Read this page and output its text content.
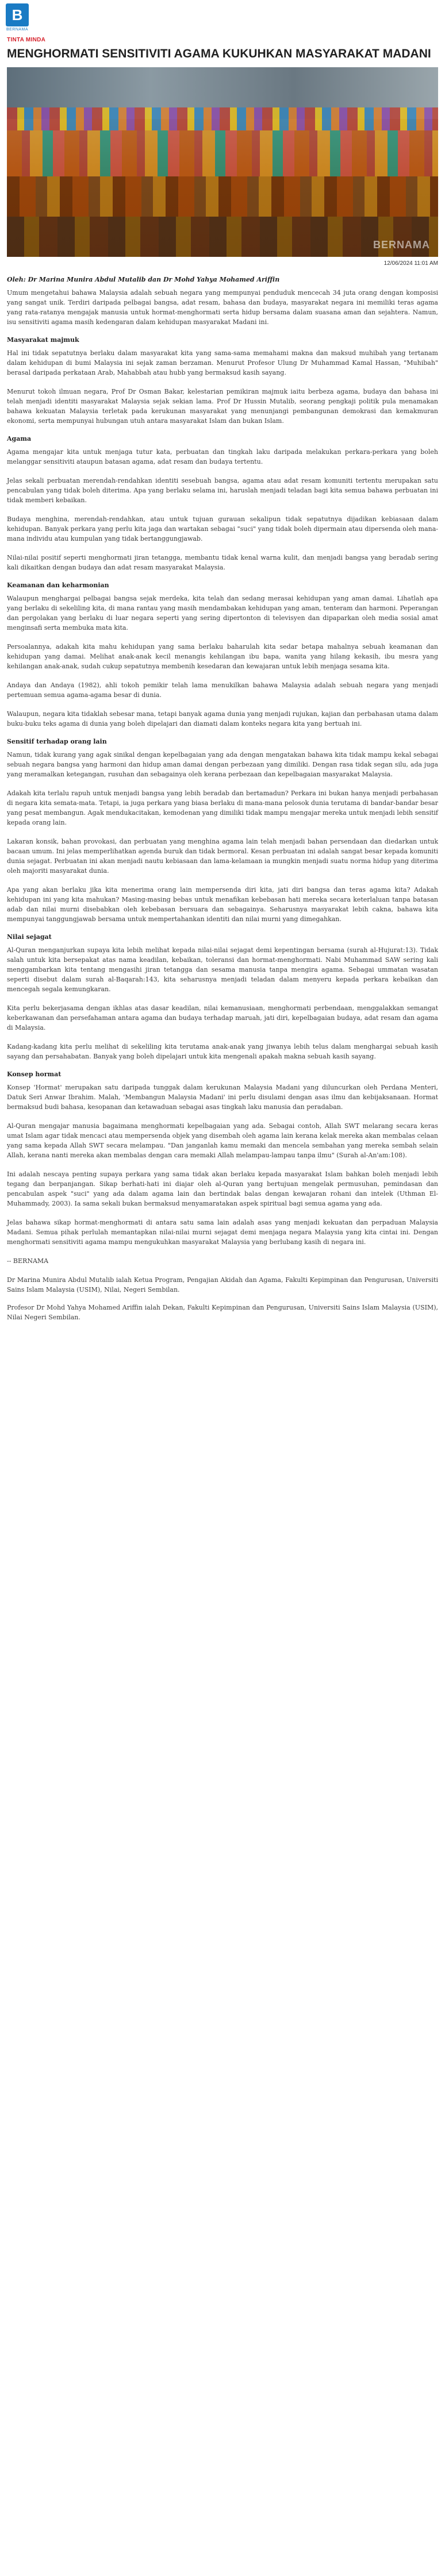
B
BERNAMA
TINTA MINDA
MENGHORMATI SENSITIVITI AGAMA KUKUHKAN MASYARAKAT MADANI
BERNAMA
12/06/2024 11:01 AM
Oleh: Dr Marina Munira Abdul Mutalib dan Dr Mohd Yahya Mohamed Ariffin

Umum mengetahui bahawa Malaysia adalah sebuah negara yang mempunyai penduduk mencecah 34 juta orang dengan komposisi yang sangat unik. Terdiri daripada pelbagai bangsa, adat resam, bahasa dan budaya, masyarakat negara ini memiliki teras agama yang rata-ratanya mengajak manusia untuk hormat-menghormati serta hidup bersama dalam suasana aman dan sejahtera. Namun, isu sensitiviti agama masih kedengaran dalam kehidupan masyarakat Madani ini.

Masyarakat majmuk

Hal ini tidak sepatutnya berlaku dalam masyarakat kita yang sama-sama memahami makna dan maksud muhibah yang tertanam dalam kehidupan di bumi Malaysia ini sejak zaman berzaman. Menurut Profesor Ulung Dr Muhammad Kamal Hassan, "Muhibah" berasal daripada perkataan Arab, Mahabbah atau hubb yang bermaksud kasih sayang.

Menurut tokoh ilmuan negara, Prof Dr Osman Bakar, kelestarian pemikiran majmuk iaitu berbeza agama, budaya dan bahasa ini telah menjadi identiti masyarakat Malaysia sejak sekian lama. Prof Dr Hussin Mutalib, seorang pengkaji politik pula menamakan bahawa kekuatan Malaysia terletak pada kerukunan masyarakat yang menunjangi pembangunan demokrasi dan kemakmuran ekonomi, serta mempunyai hubungan utuh antara masyarakat Islam dan bukan Islam.

Agama

Agama mengajar kita untuk menjaga tutur kata, perbuatan dan tingkah laku daripada melakukan perkara-perkara yang boleh melanggar sensitiviti ataupun batasan agama, adat resam dan budaya tertentu.

Jelas sekali perbuatan merendah-rendahkan identiti sesebuah bangsa, agama atau adat resam komuniti tertentu merupakan satu pencabulan yang tidak boleh diterima. Apa yang berlaku selama ini, haruslah menjadi teladan bagi kita semua bahawa perbuatan ini tidak memberi kebaikan.

Budaya menghina, merendah-rendahkan, atau untuk tujuan gurauan sekalipun tidak sepatutnya dijadikan kebiasaan dalam kehidupan. Banyak perkara yang perlu kita jaga dan wartakan sebagai "suci" yang tidak boleh dipermain atau dipersenda oleh mana-mana individu atau kumpulan yang tidak bertanggungjawab.

Nilai-nilai positif seperti menghormati jiran tetangga, membantu tidak kenal warna kulit, dan menjadi bangsa yang beradab sering kali dikaitkan dengan budaya dan adat resam masyarakat Malaysia.

Keamanan dan keharmonian

Walaupun menghargai pelbagai bangsa sejak merdeka, kita telah dan sedang merasai kehidupan yang aman damai. Lihatlah apa yang berlaku di sekeliling kita, di mana rantau yang masih mendambakan kehidupan yang aman, tenteram dan harmoni. Peperangan dan pergolakan yang berlaku di luar negara seperti yang sering dipertonton di televisyen dan dipaparkan oleh media sosial amat menginsafi serta membuka mata kita.

Persoalannya, adakah kita mahu kehidupan yang sama berlaku baharulah kita sedar betapa mahalnya sebuah keamanan dan kehidupan yang damai. Melihat anak-anak kecil menangis kehilangan ibu bapa, wanita yang hilang kekasih, ibu mesra yang kehilangan anak-anak, sudah cukup sepatutnya membenih kesedaran dan kewajaran untuk lebih menjaga sesama kita.

Andaya dan Andaya (1982), ahli tokoh pemikir telah lama menukilkan bahawa Malaysia adalah sebuah negara yang menjadi pertemuan semua agama-agama besar di dunia.

Walaupun, negara kita tidaklah sebesar mana, tetapi banyak agama dunia yang menjadi rujukan, kajian dan perbahasan utama dalam buku-buku teks agama di dunia yang boleh dipelajari dan diamati dalam konteks negara kita yang bertuah ini.

Sensitif terhadap orang lain

Namun, tidak kurang yang agak sinikal dengan kepelbagaian yang ada dengan mengatakan bahawa kita tidak mampu kekal sebagai sebuah negara bangsa yang harmoni dan hidup aman damai dengan perbezaan yang dimiliki. Dengan rasa tidak segan silu, ada juga yang meramalkan ketegangan, rusuhan dan sebagainya oleh kerana perbezaan dan kepelbagaian masyarakat Malaysia.

Adakah kita terlalu rapuh untuk menjadi bangsa yang lebih beradab dan bertamadun? Perkara ini bukan hanya menjadi perbahasan di negara kita semata-mata. Tetapi, ia juga perkara yang biasa berlaku di mana-mana pelosok dunia terutama di bandar-bandar besar yang pesat membangun. Agak mendukacitakan, kemodenan yang dimiliki tidak mampu mengajar mereka untuk menjadi lebih sensitif kepada orang lain.

Lakaran konsik, bahan provokasi, dan perbuatan yang menghina agama lain telah menjadi bahan persendaan dan diedarkan untuk bacaan umum. Ini jelas memperlihatkan agenda buruk dan tidak bermoral. Kesan perbuatan ini adalah sangat besar kepada komuniti dunia sejagat. Perbuatan ini akan menjadi nautu kebiasaan dan lama-kelamaan ia mungkin menjadi suatu norma hidup yang diterima oleh majoriti masyarakat dunia.

Apa yang akan berlaku jika kita menerima orang lain mempersenda diri kita, jati diri bangsa dan teras agama kita? Adakah kehidupan ini yang kita mahukan? Masing-masing bebas untuk menafikan kebebasan hati mereka secara keterlaluan tanpa batasan adab dan nilai murni disebabkan oleh kebebasan bersuara dan sebagainya. Seharusnya masyarakat lebih cakna, bahawa kita mempunyai tanggungjawab bersama untuk mempertahankan identiti dan nilai murni yang dimegahkan.

Nilai sejagat

Al-Quran menganjurkan supaya kita lebih melihat kepada nilai-nilai sejagat demi kepentingan bersama (surah al-Hujurat:13). Tidak salah untuk kita bersepakat atas nama keadilan, kebaikan, toleransi dan hormat-menghormati. Nabi Muhammad SAW sering kali menggambarkan kita tentang mengasihi jiran tetangga dan sesama manusia tanpa mengira agama. Sebagai ummatan wasatan seperti disebut dalam surah al-Baqarah:143, kita seharusnya menjadi teladan dalam menyeru kepada perkara kebaikan dan mencegah segala kemungkaran.

Kita perlu bekerjasama dengan ikhlas atas dasar keadilan, nilai kemanusiaan, menghormati perbendaan, menggalakkan semangat keberkawanan dan persefahaman antara agama dan budaya terhadap maruah, jati diri, kepelbagaian budaya, adat resam dan agama di Malaysia.

Kadang-kadang kita perlu melihat di sekeliling kita terutama anak-anak yang jiwanya lebih telus dalam menghargai sebuah kasih sayang dan persahabatan. Banyak yang boleh dipelajari untuk kita mengenali apakah makna sebuah kasih sayang.

Konsep hormat

Konsep 'Hormat' merupakan satu daripada tunggak dalam kerukunan Malaysia Madani yang diluncurkan oleh Perdana Menteri, Datuk Seri Anwar Ibrahim. Malah, 'Membangun Malaysia Madani' ini perlu disulami dengan asas ilmu dan kebijaksanaan. Hormat bermaksud budi bahasa, kesopanan dan ketawaduan sebagai asas tingkah laku manusia dan peradaban.

Al-Quran mengajar manusia bagaimana menghormati kepelbagaian yang ada. Sebagai contoh, Allah SWT melarang secara keras umat Islam agar tidak mencaci atau mempersenda objek yang disembah oleh agama lain kerana kelak mereka akan membalas celaan yang sama kepada Allah SWT secara melampau. "Dan janganlah kamu memaki dan mencela sembahan yang mereka sembah selain Allah, kerana nanti mereka akan membalas dengan cara memaki Allah melampau-lampau tanpa ilmu" (Surah al-An'am:108).

Ini adalah nescaya penting supaya perkara yang sama tidak akan berlaku kepada masyarakat Islam bahkan boleh menjadi lebih tegang dan berpanjangan. Sikap berhati-hati ini diajar oleh al-Quran yang bertujuan mengelak permusuhan, pemindasan dan pencabulan aspek "suci" yang ada dalam agama lain dan bertindak balas dengan kewajaran rohani dan intelek (Uthman El-Muhammady, 2003). Ia sama sekali bukan bermaksud menyamaratakan aspek spiritual bagi semua agama yang ada.

Jelas bahawa sikap hormat-menghormati di antara satu sama lain adalah asas yang menjadi kekuatan dan perpaduan Malaysia Madani. Semua pihak perlulah memantapkan nilai-nilai murni sejagat demi menjaga negara Malaysia yang kita cintai ini. Dengan menghormati sensitiviti agama mampu mengukuhkan masyarakat Malaysia yang berlubang kasih di negara ini.

-- BERNAMA

Dr Marina Munira Abdul Mutalib ialah Ketua Program, Pengajian Akidah dan Agama, Fakulti Kepimpinan dan Pengurusan, Universiti Sains Islam Malaysia (USIM), Nilai, Negeri Sembilan.

Profesor Dr Mohd Yahya Mohamed Ariffin ialah Dekan, Fakulti Kepimpinan dan Pengurusan, Universiti Sains Islam Malaysia (USIM), Nilai Negeri Sembilan.
